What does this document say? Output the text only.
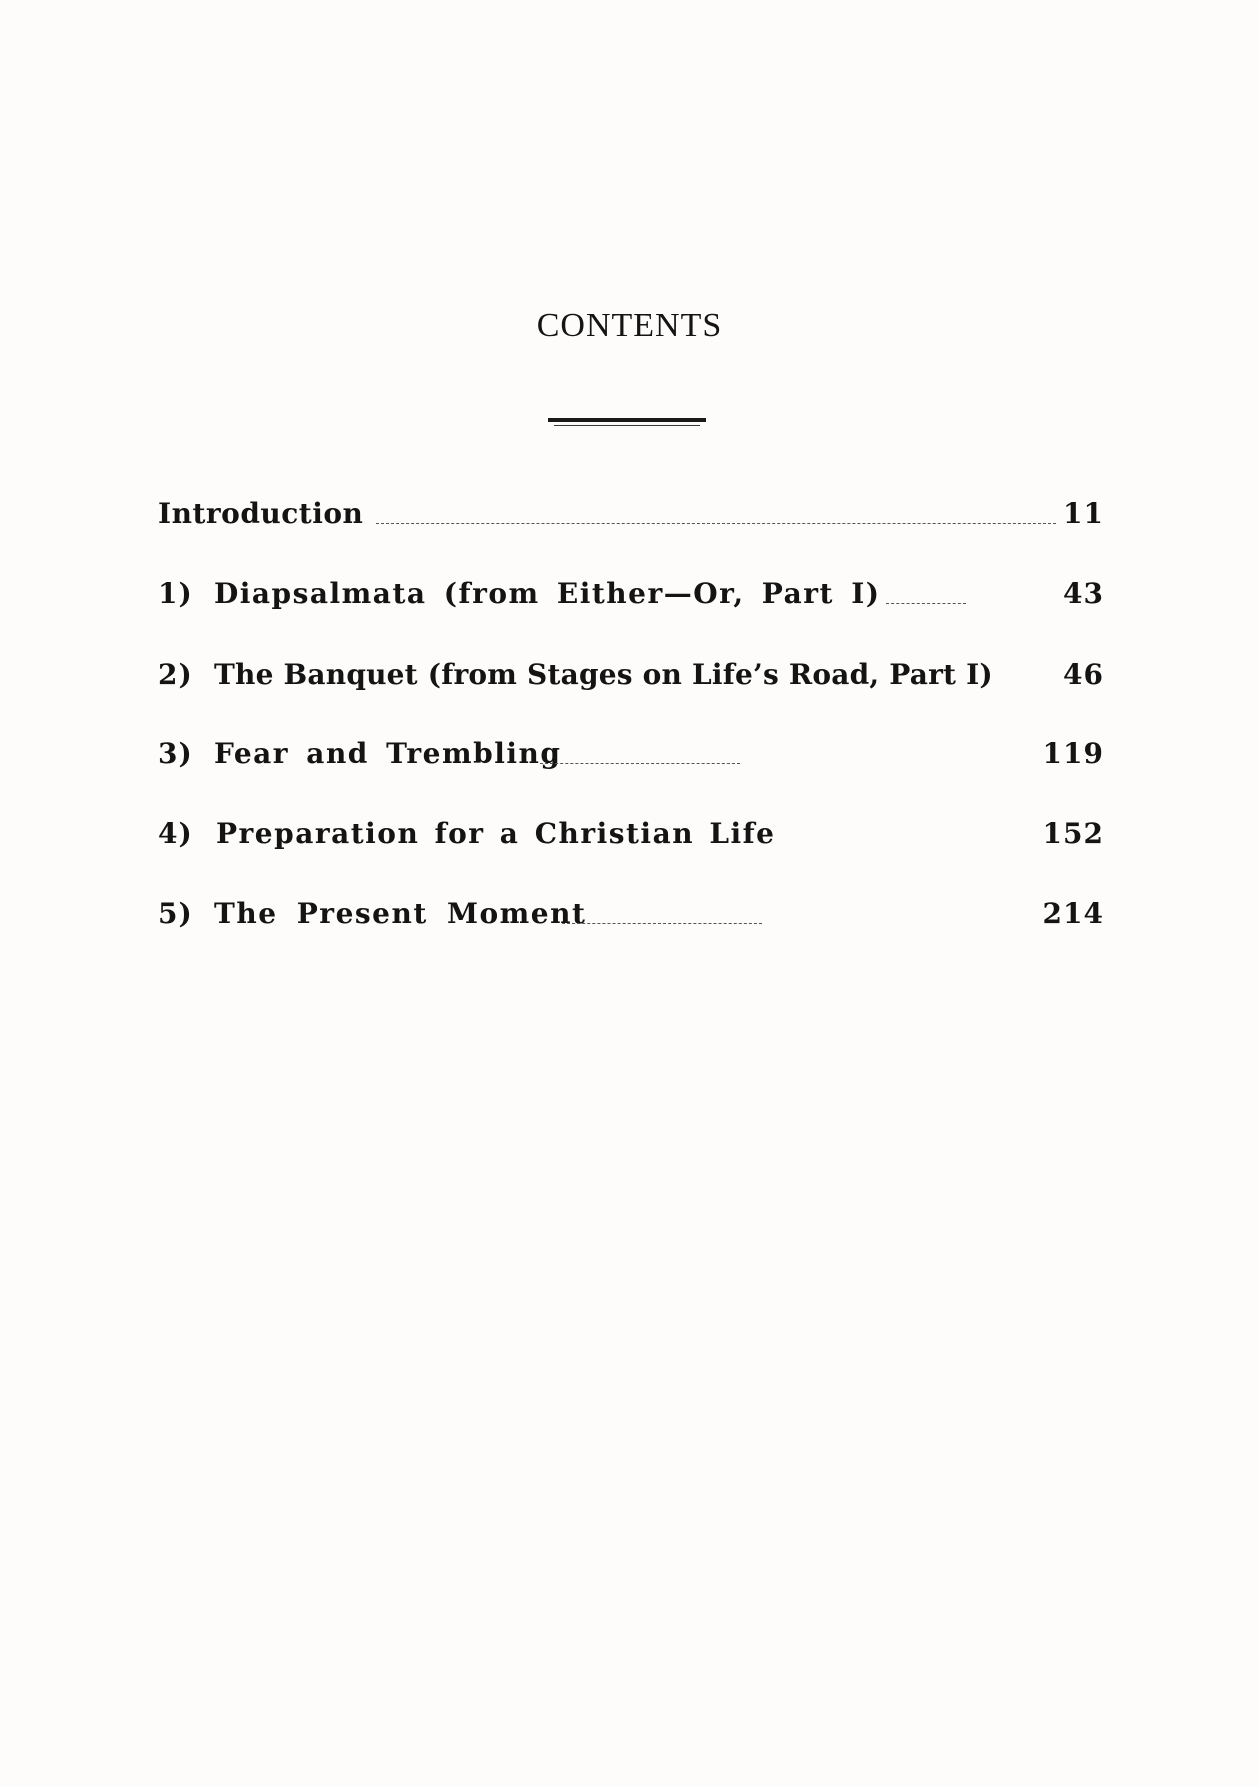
CONTENTS
Introduction	11
1) Diapsalmata (from Either—Or, Part I)	43
2) The Banquet (from Stages on Life’s Road, Part I)	46
3) Fear and Trembling	119
4) Preparation for a Christian Life	152
5) The Present Moment	214
